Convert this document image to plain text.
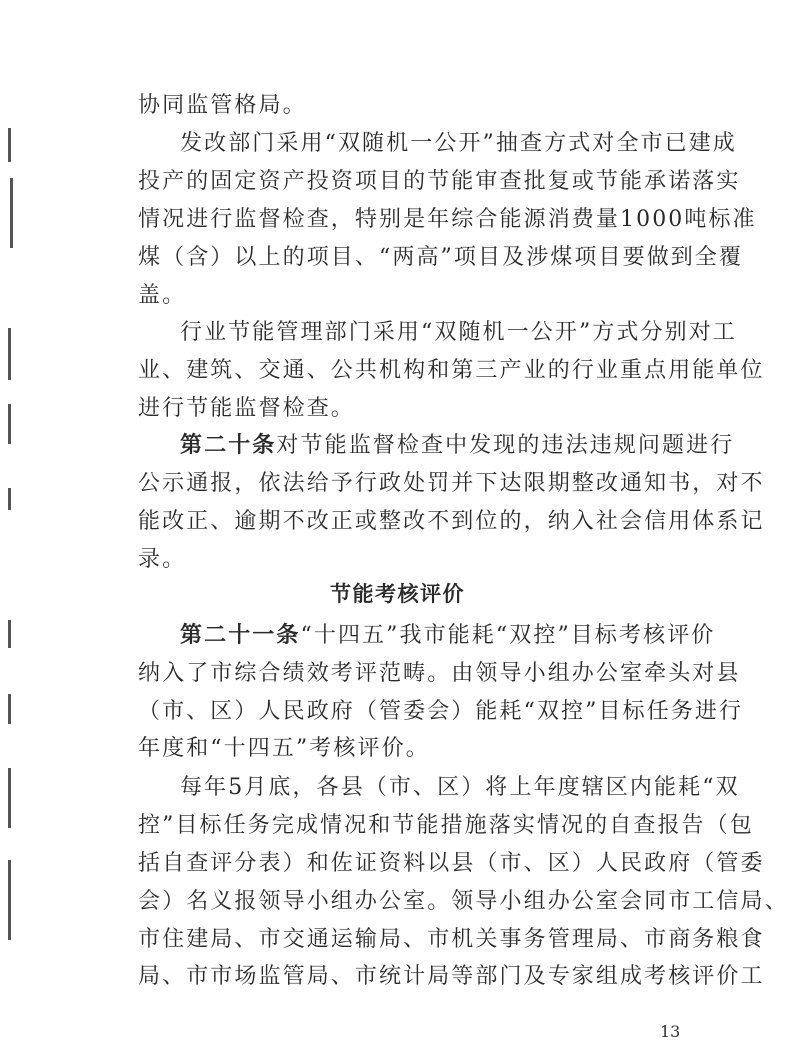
协同监管格局。
发改部门采用“双随机一公开”抽查方式对全市已建成
投产的固定资产投资项目的节能审查批复或节能承诺落实
情况进行监督检查，特别是年综合能源消费量1000吨标准
煤（含）以上的项目、“两高”项目及涉煤项目要做到全覆
盖。
行业节能管理部门采用“双随机一公开”方式分别对工
业、建筑、交通、公共机构和第三产业的行业重点用能单位
进行节能监督检查。
第二十条对节能监督检查中发现的违法违规问题进行
公示通报，依法给予行政处罚并下达限期整改通知书，对不
能改正、逾期不改正或整改不到位的，纳入社会信用体系记
录。
节能考核评价
第二十一条“十四五”我市能耗“双控”目标考核评价
纳入了市综合绩效考评范畴。由领导小组办公室牵头对县
（市、区）人民政府（管委会）能耗“双控”目标任务进行
年度和“十四五”考核评价。
每年5月底，各县（市、区）将上年度辖区内能耗“双
控”目标任务完成情况和节能措施落实情况的自查报告（包
括自查评分表）和佐证资料以县（市、区）人民政府（管委
会）名义报领导小组办公室。领导小组办公室会同市工信局、
市住建局、市交通运输局、市机关事务管理局、市商务粮食
局、市市场监管局、市统计局等部门及专家组成考核评价工
13
